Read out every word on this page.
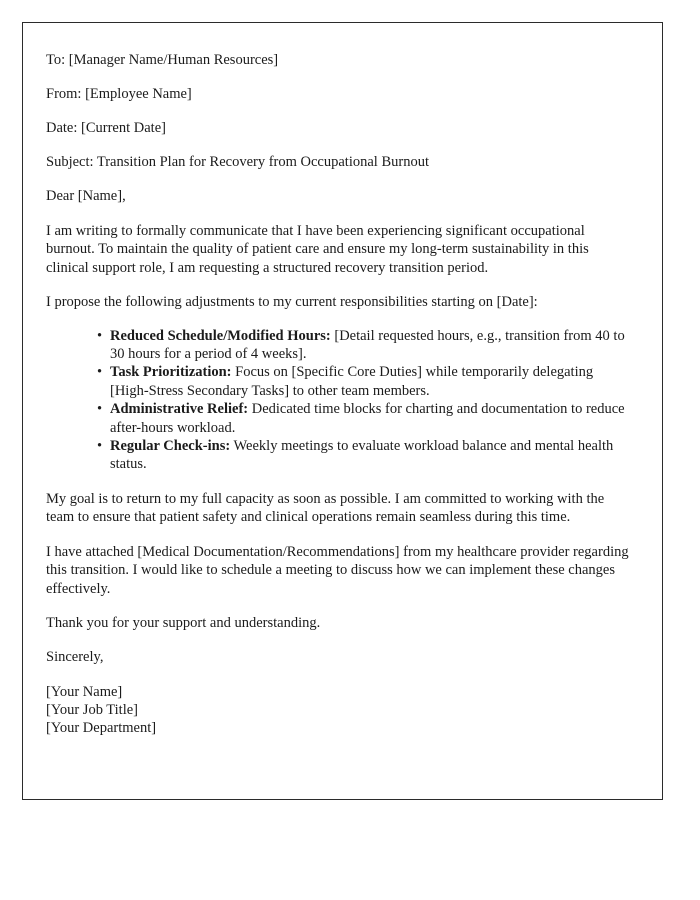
To: [Manager Name/Human Resources]

From: [Employee Name]

Date: [Current Date]

Subject: Transition Plan for Recovery from Occupational Burnout

Dear [Name],

I am writing to formally communicate that I have been experiencing significant occupational burnout. To maintain the quality of patient care and ensure my long-term sustainability in this clinical support role, I am requesting a structured recovery transition period.

I propose the following adjustments to my current responsibilities starting on [Date]:

• Reduced Schedule/Modified Hours: [Detail requested hours, e.g., transition from 40 to 30 hours for a period of 4 weeks].
• Task Prioritization: Focus on [Specific Core Duties] while temporarily delegating [High-Stress Secondary Tasks] to other team members.
• Administrative Relief: Dedicated time blocks for charting and documentation to reduce after-hours workload.
• Regular Check-ins: Weekly meetings to evaluate workload balance and mental health status.

My goal is to return to my full capacity as soon as possible. I am committed to working with the team to ensure that patient safety and clinical operations remain seamless during this time.

I have attached [Medical Documentation/Recommendations] from my healthcare provider regarding this transition. I would like to schedule a meeting to discuss how we can implement these changes effectively.

Thank you for your support and understanding.

Sincerely,

[Your Name]
[Your Job Title]
[Your Department]
